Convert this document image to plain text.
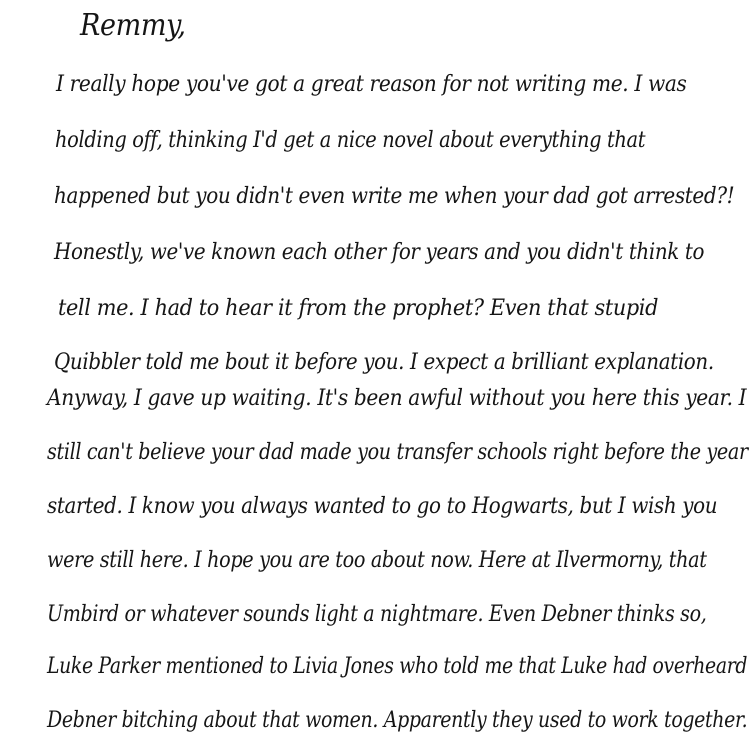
Remmy,
I really hope you've got a great reason for not writing me. I was
holding off, thinking I'd get a nice novel about everything that
happened but you didn't even write me when your dad got arrested?!
Honestly, we've known each other for years and you didn't think to
tell me. I had to hear it from the prophet? Even that stupid
Quibbler told me bout it before you. I expect a brilliant explanation.
Anyway, I gave up waiting. It's been awful without you here this year. I
still can't believe your dad made you transfer schools right before the year
started. I know you always wanted to go to Hogwarts, but I wish you
were still here. I hope you are too about now. Here at Ilvermorny, that
Umbird or whatever sounds light a nightmare. Even Debner thinks so,
Luke Parker mentioned to Livia Jones who told me that Luke had overheard
Debner bitching about that women. Apparently they used to work together.
